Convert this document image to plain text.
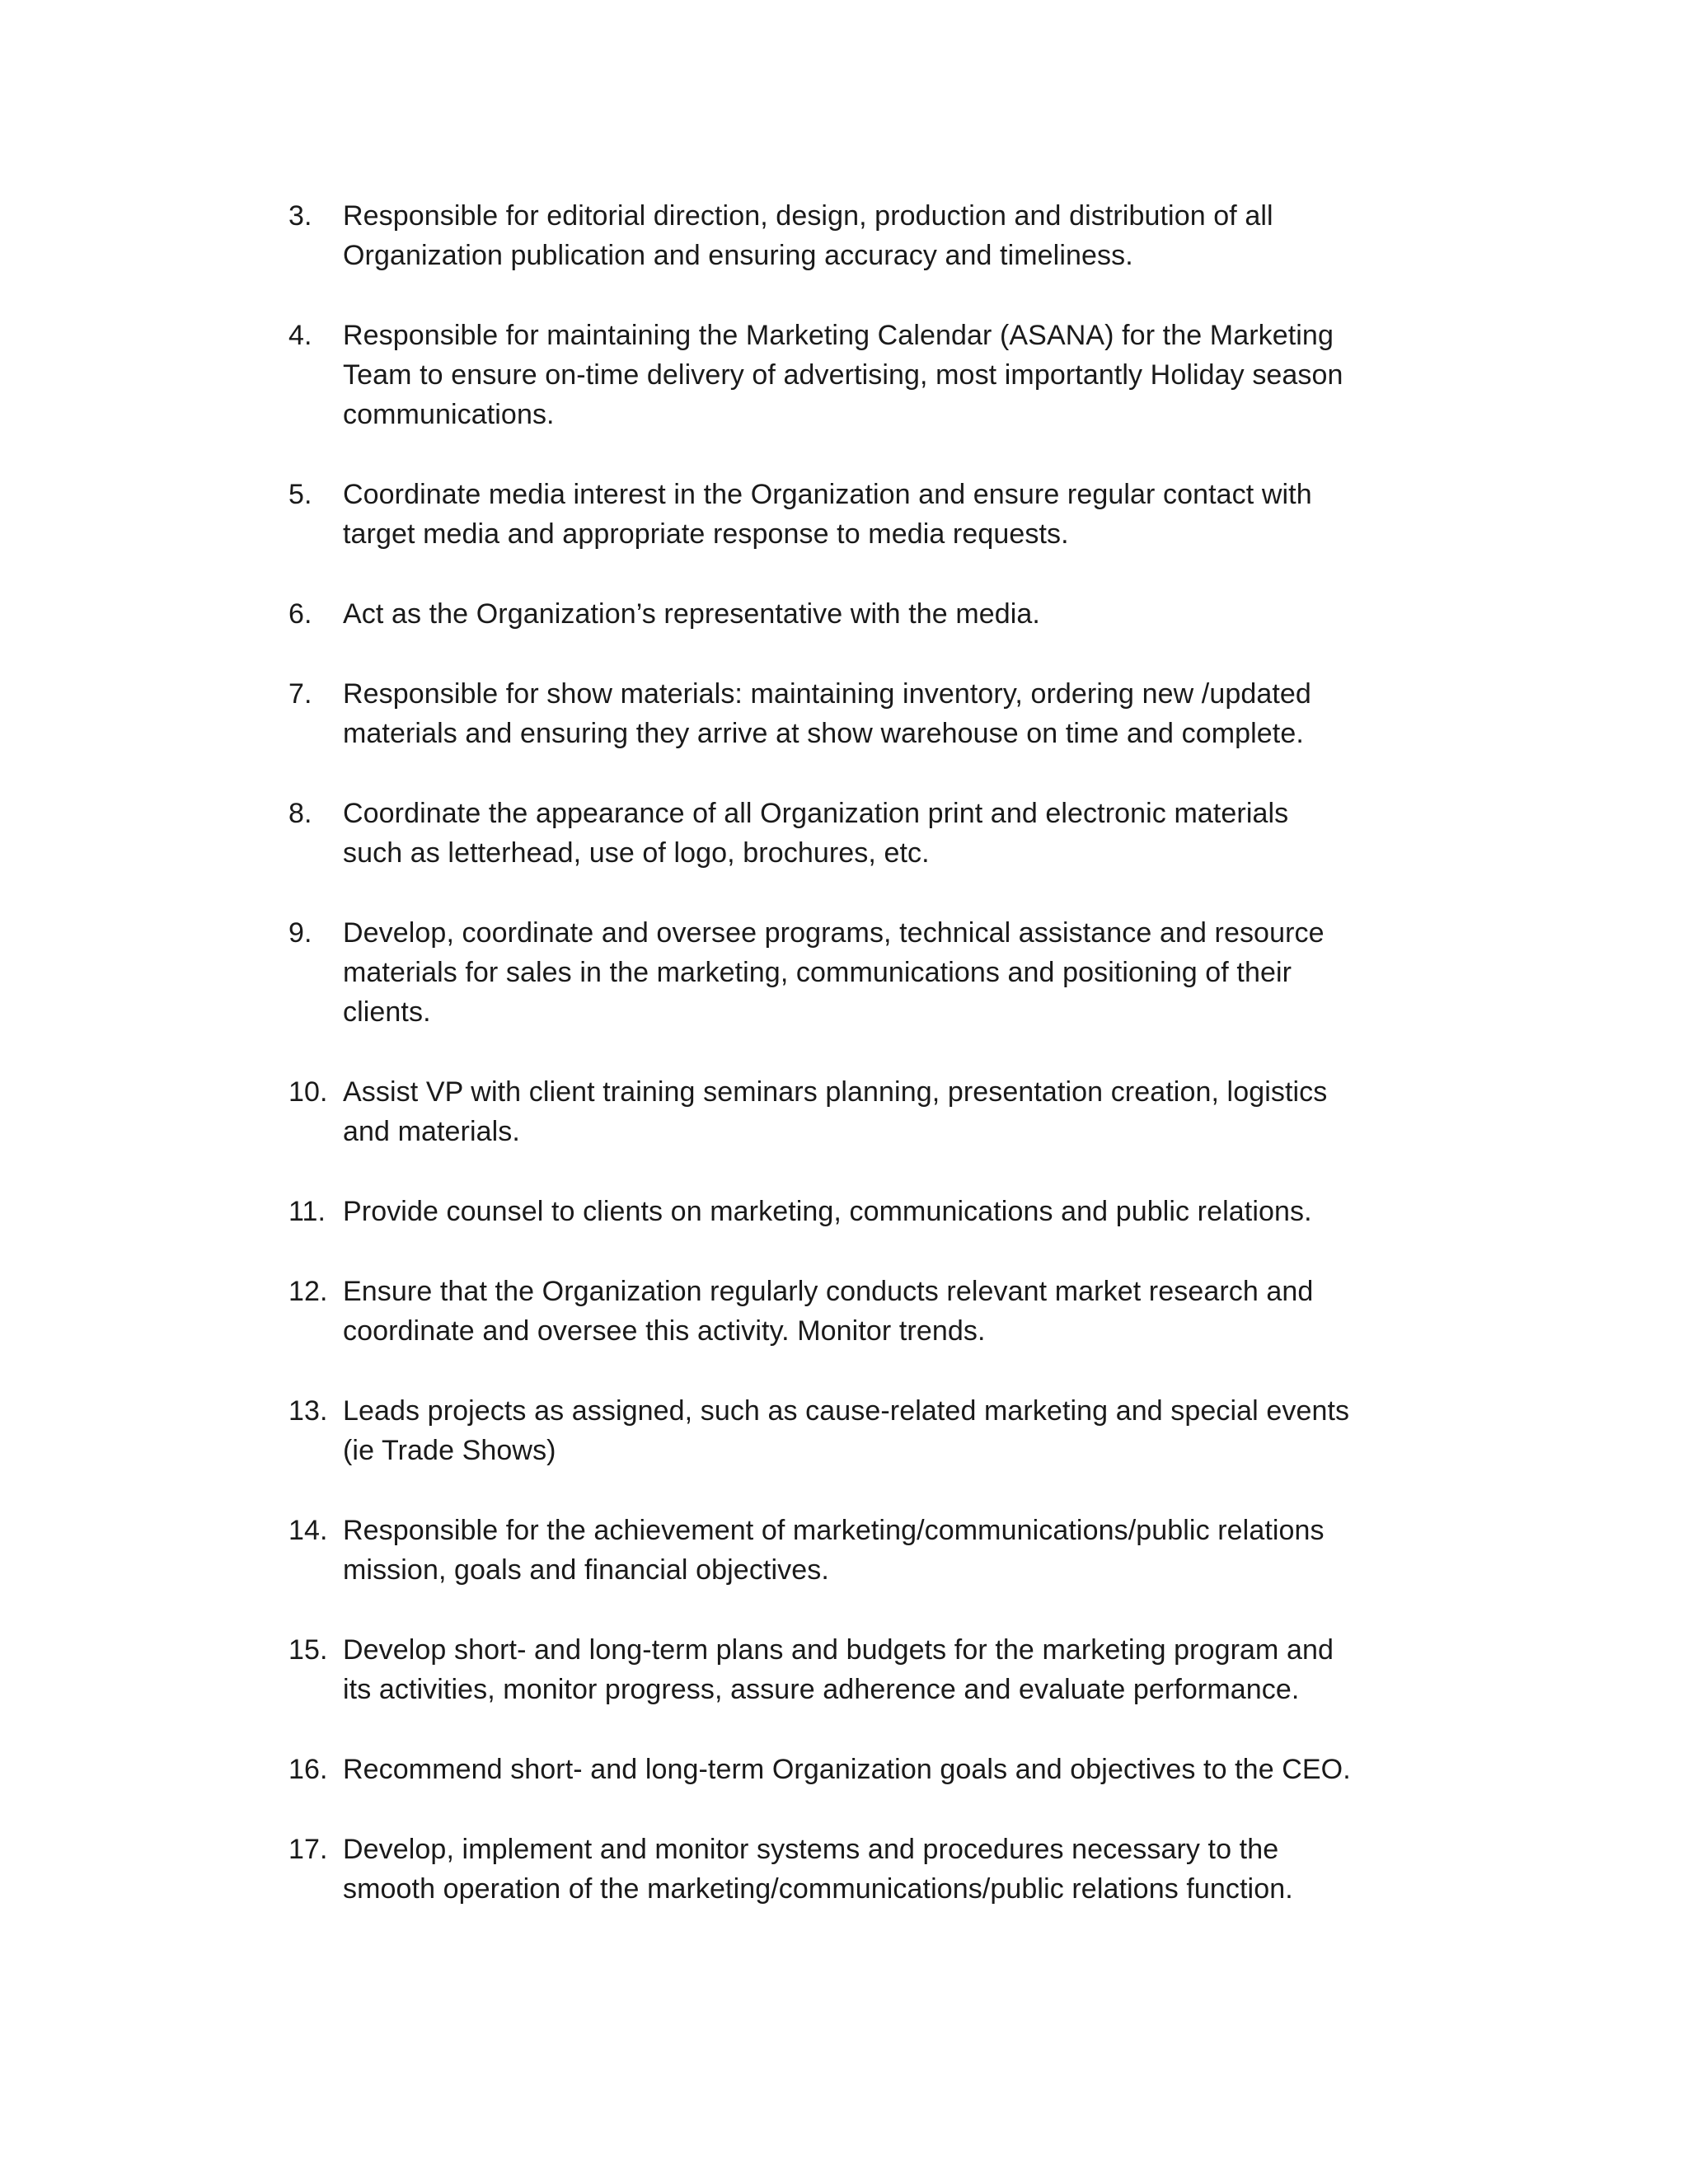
3.	Responsible for editorial direction, design, production and distribution of all
Organization publication and ensuring accuracy and timeliness.
4.	Responsible for maintaining the Marketing Calendar (ASANA) for the Marketing
Team to ensure on-time delivery of advertising, most importantly Holiday season
communications.
5.	Coordinate media interest in the Organization and ensure regular contact with
target media and appropriate response to media requests.
6.	Act as the Organization’s representative with the media.
7.	Responsible for show materials: maintaining inventory, ordering new /updated
materials and ensuring they arrive at show warehouse on time and complete.
8.	Coordinate the appearance of all Organization print and electronic materials
such as letterhead, use of logo, brochures, etc.
9.	Develop, coordinate and oversee programs, technical assistance and resource
materials for sales in the marketing, communications and positioning of their
clients.
10. Assist VP with client training seminars planning, presentation creation, logistics
and materials.
11. Provide counsel to clients on marketing, communications and public relations.
12. Ensure that the Organization regularly conducts relevant market research and
coordinate and oversee this activity. Monitor trends.
13. Leads projects as assigned, such as cause-related marketing and special events
(ie Trade Shows)
14. Responsible for the achievement of marketing/communications/public relations
mission, goals and financial objectives.
15. Develop short- and long-term plans and budgets for the marketing program and
its activities, monitor progress, assure adherence and evaluate performance.
16. Recommend short- and long-term Organization goals and objectives to the CEO.
17. Develop, implement and monitor systems and procedures necessary to the
smooth operation of the marketing/communications/public relations function.
